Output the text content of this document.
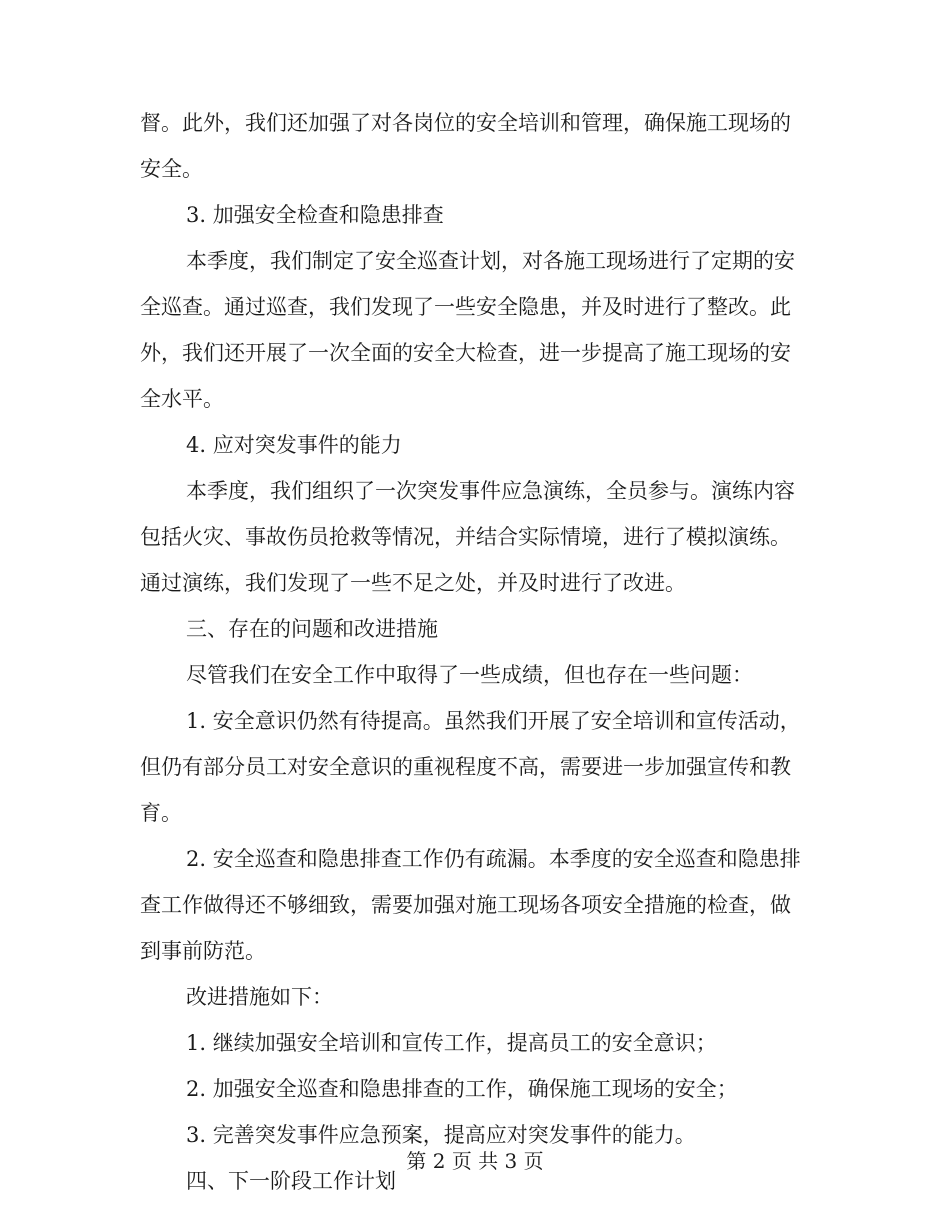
督。此外，我们还加强了对各岗位的安全培训和管理，确保施工现场的安全。

3. 加强安全检查和隐患排查

本季度，我们制定了安全巡查计划，对各施工现场进行了定期的安全巡查。通过巡查，我们发现了一些安全隐患，并及时进行了整改。此外，我们还开展了一次全面的安全大检查，进一步提高了施工现场的安全水平。

4. 应对突发事件的能力

本季度，我们组织了一次突发事件应急演练，全员参与。演练内容包括火灾、事故伤员抢救等情况，并结合实际情境，进行了模拟演练。通过演练，我们发现了一些不足之处，并及时进行了改进。

三、存在的问题和改进措施

尽管我们在安全工作中取得了一些成绩，但也存在一些问题：

1. 安全意识仍然有待提高。虽然我们开展了安全培训和宣传活动，但仍有部分员工对安全意识的重视程度不高，需要进一步加强宣传和教育。

2. 安全巡查和隐患排查工作仍有疏漏。本季度的安全巡查和隐患排查工作做得还不够细致，需要加强对施工现场各项安全措施的检查，做到事前防范。

改进措施如下：

1. 继续加强安全培训和宣传工作，提高员工的安全意识；

2. 加强安全巡查和隐患排查的工作，确保施工现场的安全；

3. 完善突发事件应急预案，提高应对突发事件的能力。

四、下一阶段工作计划

第 2 页 共 3 页
